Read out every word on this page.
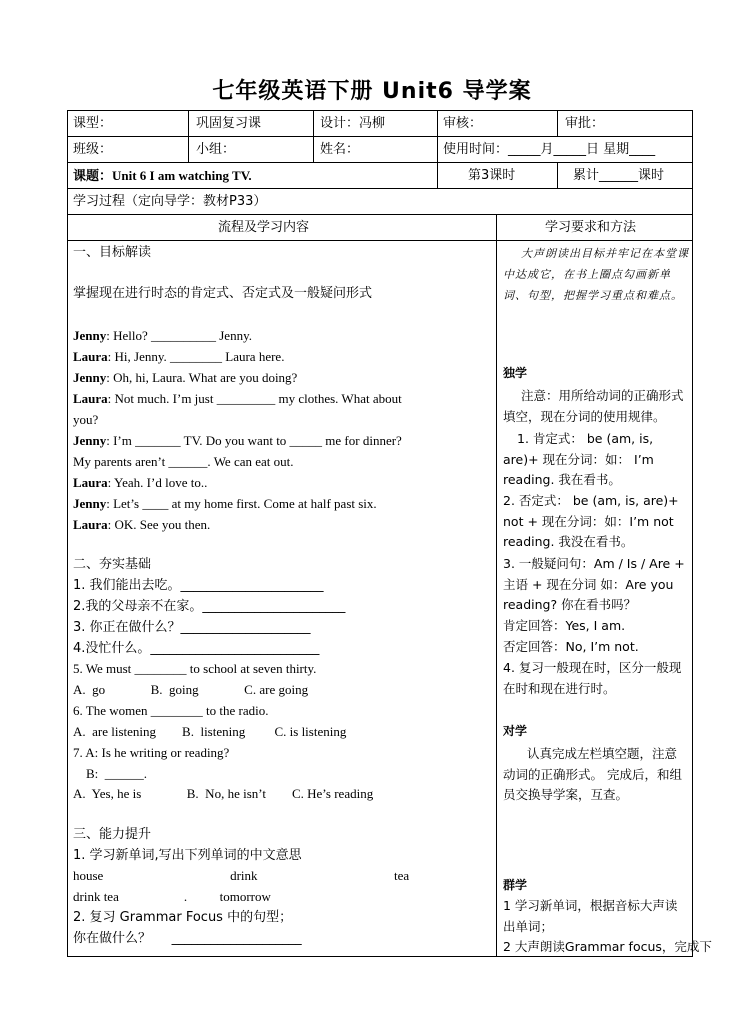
七年级英语下册 Unit6 导学案
课型：	巩固复习课	设计：冯柳	审核：	审批：
班级：	小组：	姓名：	使用时间：_____月_____日 星期____
课题：Unit 6 I am watching TV.	第3课时	累计______课时
学习过程（定向导学：教材P33）
流程及学习内容	学习要求和方法
一、目标解读
掌握现在进行时态的肯定式、否定式及一般疑问形式
Jenny: Hello? __________ Jenny.
Laura: Hi, Jenny. ________ Laura here.
Jenny: Oh, hi, Laura. What are you doing?
Laura: Not much. I’m just _________ my clothes. What about
you?
Jenny: I’m _______ TV. Do you want to _____ me for dinner?
My parents aren’t ______. We can eat out.
Laura: Yeah. I’d love to..
Jenny: Let’s ____ at my home first. Come at half past six.
Laura: OK. See you then.
二、夯实基础
1. 我们能出去吃。______________________
2.我的父母亲不在家。______________________
3. 你正在做什么？____________________
4.没忙什么。__________________________
5. We must ________ to school at seven thirty.
A.  go              B.  going              C. are going
6. The women ________ to the radio.
A.  are listening        B.  listening         C. is listening
7. A: Is he writing or reading?
B:  ______.
A.  Yes, he is              B.  No, he isn’t        C. He’s reading
三、能力提升
1. 学习新单词,写出下列单词的中文意思
house                                       drink                                          tea
drink tea                    .          tomorrow
2. 复习 Grammar Focus 中的句型；
你在做什么？     ____________________
大声朗读出目标并牢记在本堂课中达成它，在书上圈点勾画新单词、句型，把握学习重点和难点。
独学
注意：用所给动词的正确形式填空，现在分词的使用规律。
1. 肯定式： be (am, is, are)+ 现在分词：如： I’m reading. 我在看书。
2. 否定式： be (am, is, are)+ not + 现在分词：如：I’m not reading. 我没在看书。
3. 一般疑问句：Am / Is / Are + 主语 + 现在分词 如：Are you reading? 你在看书吗？
肯定回答：Yes, I am.
否定回答：No, I’m not.
4. 复习一般现在时，区分一般现在时和现在进行时。
对学
认真完成左栏填空题，注意动词的正确形式。 完成后，和组员交换导学案，互查。
群学
1 学习新单词，根据音标大声读出单词；
2 大声朗读Grammar focus，完成下
